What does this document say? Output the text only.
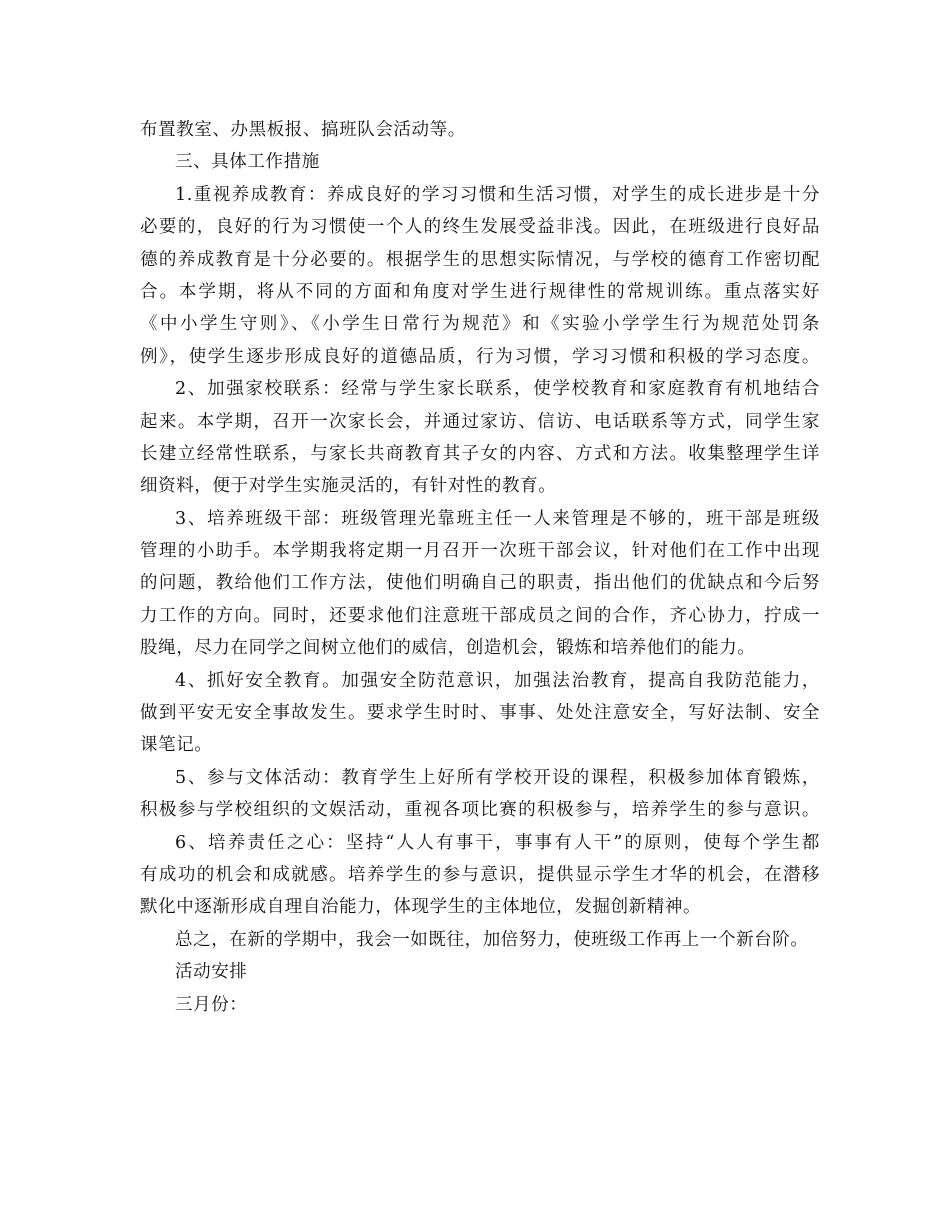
布置教室、办黑板报、搞班队会活动等。
三、具体工作措施
1.重视养成教育：养成良好的学习习惯和生活习惯，对学生的成长进步是十分
必要的，良好的行为习惯使一个人的终生发展受益非浅。因此，在班级进行良好品
德的养成教育是十分必要的。根据学生的思想实际情况，与学校的德育工作密切配
合。本学期，将从不同的方面和角度对学生进行规律性的常规训练。重点落实好
《中小学生守则》、《小学生日常行为规范》和《实验小学学生行为规范处罚条
例》，使学生逐步形成良好的道德品质，行为习惯，学习习惯和积极的学习态度。
2、加强家校联系：经常与学生家长联系，使学校教育和家庭教育有机地结合
起来。本学期，召开一次家长会，并通过家访、信访、电话联系等方式，同学生家
长建立经常性联系，与家长共商教育其子女的内容、方式和方法。收集整理学生详
细资料，便于对学生实施灵活的，有针对性的教育。
3、培养班级干部：班级管理光靠班主任一人来管理是不够的，班干部是班级
管理的小助手。本学期我将定期一月召开一次班干部会议，针对他们在工作中出现
的问题，教给他们工作方法，使他们明确自己的职责，指出他们的优缺点和今后努
力工作的方向。同时，还要求他们注意班干部成员之间的合作，齐心协力，拧成一
股绳，尽力在同学之间树立他们的威信，创造机会，锻炼和培养他们的能力。
4、抓好安全教育。加强安全防范意识，加强法治教育，提高自我防范能力，
做到平安无安全事故发生。要求学生时时、事事、处处注意安全，写好法制、安全
课笔记。
5、参与文体活动：教育学生上好所有学校开设的课程，积极参加体育锻炼，
积极参与学校组织的文娱活动，重视各项比赛的积极参与，培养学生的参与意识。
6、培养责任之心：坚持“人人有事干，事事有人干”的原则，使每个学生都
有成功的机会和成就感。培养学生的参与意识，提供显示学生才华的机会，在潜移
默化中逐渐形成自理自治能力，体现学生的主体地位，发掘创新精神。
总之，在新的学期中，我会一如既往，加倍努力，使班级工作再上一个新台阶。
活动安排
三月份：
